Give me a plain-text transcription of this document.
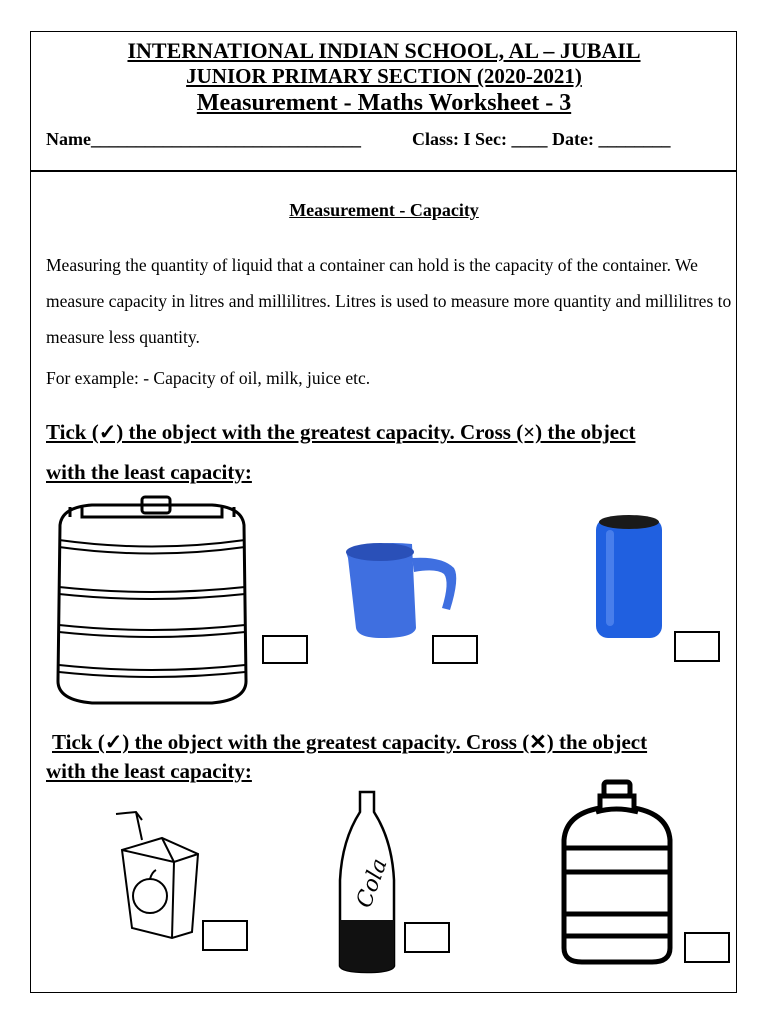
INTERNATIONAL INDIAN SCHOOL, AL – JUBAIL
JUNIOR PRIMARY SECTION (2020-2021)
Measurement - Maths Worksheet - 3
Name______________________________	Class: I Sec: ____ Date: ________
Measurement - Capacity
Measuring the quantity of liquid that a container can hold is the capacity of the container. We measure capacity in litres and millilitres. Litres is used to measure more quantity and millilitres to measure less quantity.
For example: - Capacity of oil, milk, juice etc.
Tick (✓) the object with the greatest capacity. Cross (×) the object
with the least capacity:
Tick (✓) the object with the greatest capacity. Cross (✕) the object
with the least capacity:
Cola
